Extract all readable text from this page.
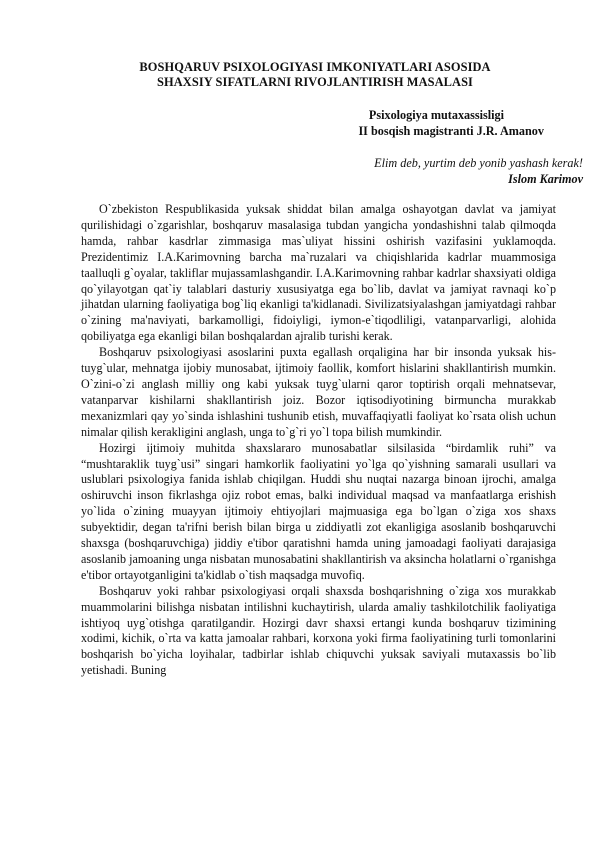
BOSHQARUV PSIXOLOGIYASI IMKONIYATLARI ASOSIDA
SHAXSIY SIFATLARNI RIVOJLANTIRISH MASALASI
Psixologiya mutaxassisligi
II bosqish magistranti J.R. Amanov
Elim deb, yurtim deb yonib yashash kerak!
Islom Karimov

O`zbekiston Respublikasida yuksak shiddat bilan amalga oshayotgan davlat va jamiyat qurilishidagi o`zgarishlar, boshqaruv masalasiga tubdan yangicha yondashishni talab qilmoqda hamda, rahbar kasdrlar zimmasiga mas`uliyat hissini oshirish vazifasini yuklamoqda. Prezidentimiz I.A.Karimovning barcha ma`ruzalari va chiqishlarida kadrlar muammosiga taalluqli g`oyalar, takliflar mujassamlashgandir. I.A.Karimovning rahbar kadrlar shaxsiyati oldiga qo`yilayotgan qat`iy talablari dasturiy xususiyatga ega bo`lib, davlat va jamiyat ravnaqi ko`p jihatdan ularning faoliyatiga bog`liq ekanligi ta'kidlanadi. Sivilizatsiyalashgan jamiyatdagi rahbar o`zining ma'naviyati, barkamolligi, fidoiyligi, iymon-e`tiqodliligi, vatanparvarligi, alohida qobiliyatga ega ekanligi bilan boshqalardan ajralib turishi kerak.

Boshqaruv psixologiyasi asoslarini puxta egallash orqaligina har bir insonda yuksak his-tuyg`ular, mehnatga ijobiy munosabat, ijtimoiy faollik, komfort hislarini shakllantirish mumkin. O`zini-o`zi anglash milliy ong kabi yuksak tuyg`ularni qaror toptirish orqali mehnatsevar, vatanparvar kishilarni shakllantirish joiz. Bozor iqtisodiyotining birmuncha murakkab mexanizmlari qay yo`sinda ishlashini tushunib etish, muvaffaqiyatli faoliyat ko`rsata olish uchun nimalar qilish kerakligini anglash, unga to`g`ri yo`l topa bilish mumkindir.

Hozirgi ijtimoiy muhitda shaxslararo munosabatlar silsilasida “birdamlik ruhi” va “mushtaraklik tuyg`usi” singari hamkorlik faoliyatini yo`lga qo`yishning samarali usullari va uslublari psixologiya fanida ishlab chiqilgan. Huddi shu nuqtai nazarga binoan ijrochi, amalga oshiruvchi inson fikrlashga ojiz robot emas, balki individual maqsad va manfaatlarga erishish yo`lida o`zining muayyan ijtimoiy ehtiyojlari majmuasiga ega bo`lgan o`ziga xos shaxs subyektidir, degan ta'rifni berish bilan birga u ziddiyatli zot ekanligiga asoslanib boshqaruvchi shaxsga (boshqaruvchiga) jiddiy e'tibor qaratishni hamda uning jamoadagi faoliyati darajasiga asoslanib jamoaning unga nisbatan munosabatini shakllantirish va aksincha holatlarni o`rganishga e'tibor ortayotganligini ta'kidlab o`tish maqsadga muvofiq.

Boshqaruv yoki rahbar psixologiyasi orqali shaxsda boshqarishning o`ziga xos murakkab muammolarini bilishga nisbatan intilishni kuchaytirish, ularda amaliy tashkilotchilik faoliyatiga ishtiyoq uyg`otishga qaratilgandir. Hozirgi davr shaxsi ertangi kunda boshqaruv tizimining xodimi, kichik, o`rta va katta jamoalar rahbari, korxona yoki firma faoliyatining turli tomonlarini boshqarish bo`yicha loyihalar, tadbirlar ishlab chiquvchi yuksak saviyali mutaxassis bo`lib yetishadi. Buning
